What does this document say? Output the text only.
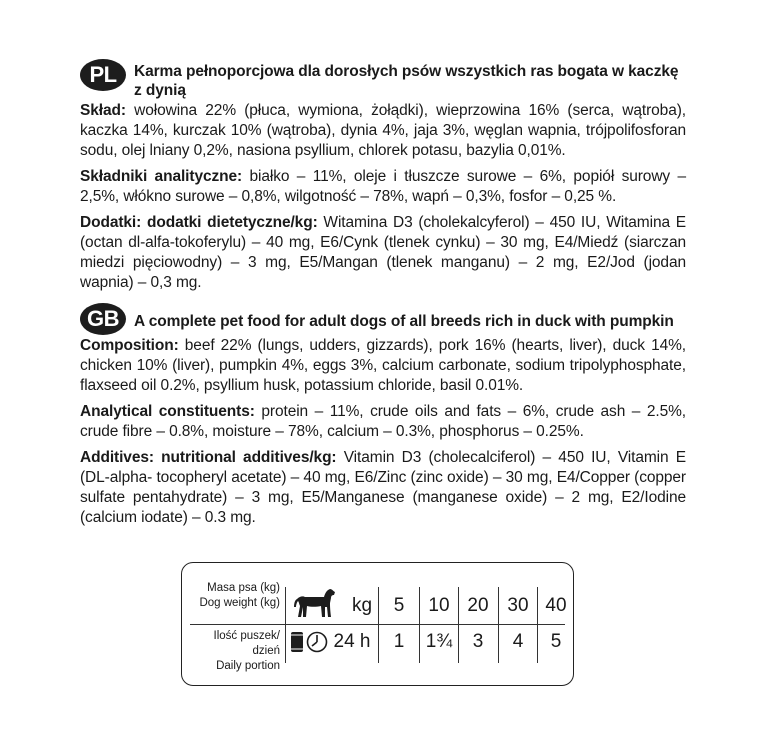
PL	Karma pełnoporcjowa dla dorosłych psów wszystkich ras bogata w kaczkę z dynią

Skład: wołowina 22% (płuca, wymiona, żołądki), wieprzowina 16% (serca, wątroba), kaczka 14%, kurczak 10% (wątroba), dynia 4%, jaja 3%, węglan wapnia, trójpolifosforan sodu, olej lniany 0,2%, nasiona psyllium, chlorek potasu, bazylia 0,01%.

Składniki analityczne: białko – 11%, oleje i tłuszcze surowe – 6%, popiół surowy – 2,5%, włókno surowe – 0,8%, wilgotność – 78%, wapń – 0,3%, fosfor – 0,25 %.

Dodatki: dodatki dietetyczne/kg: Witamina D3 (cholekalcyferol) – 450 IU, Witamina E (octan dl-alfa-tokoferylu) – 40 mg, E6/Cynk (tlenek cynku) – 30 mg, E4/Miedź (siarczan miedzi pięciowodny) – 3 mg, E5/Mangan (tlenek manganu) – 2 mg, E2/Jod (jodan wapnia) – 0,3 mg.

GB A complete pet food for adult dogs of all breeds rich in duck with pumpkin

Composition: beef 22% (lungs, udders, gizzards), pork 16% (hearts, liver), duck 14%, chicken 10% (liver), pumpkin 4%, eggs 3%, calcium carbonate, sodium tripolyphosphate, flaxseed oil 0.2%, psyllium husk, potassium chloride, basil 0.01%.

Analytical constituents: protein – 11%, crude oils and fats – 6%, crude ash – 2.5%, crude fibre – 0.8%, moisture – 78%, calcium – 0.3%, phosphorus – 0.25%.

Additives: nutritional additives/kg: Vitamin D3 (cholecalciferol) – 450 IU, Vitamin E (DL-alpha- tocopheryl acetate) – 40 mg, E6/Zinc (zinc oxide) – 30 mg, E4/Copper (copper sulfate pentahydrate) – 3 mg, E5/Manganese (manganese oxide) – 2 mg, E2/Iodine (calcium iodate) – 0.3 mg.

Masa psa (kg)
Dog weight (kg)	kg	5	10 20 30 40
Ilość puszek/ dzień
Daily portion
24 h	1	1¾	3	4	5
